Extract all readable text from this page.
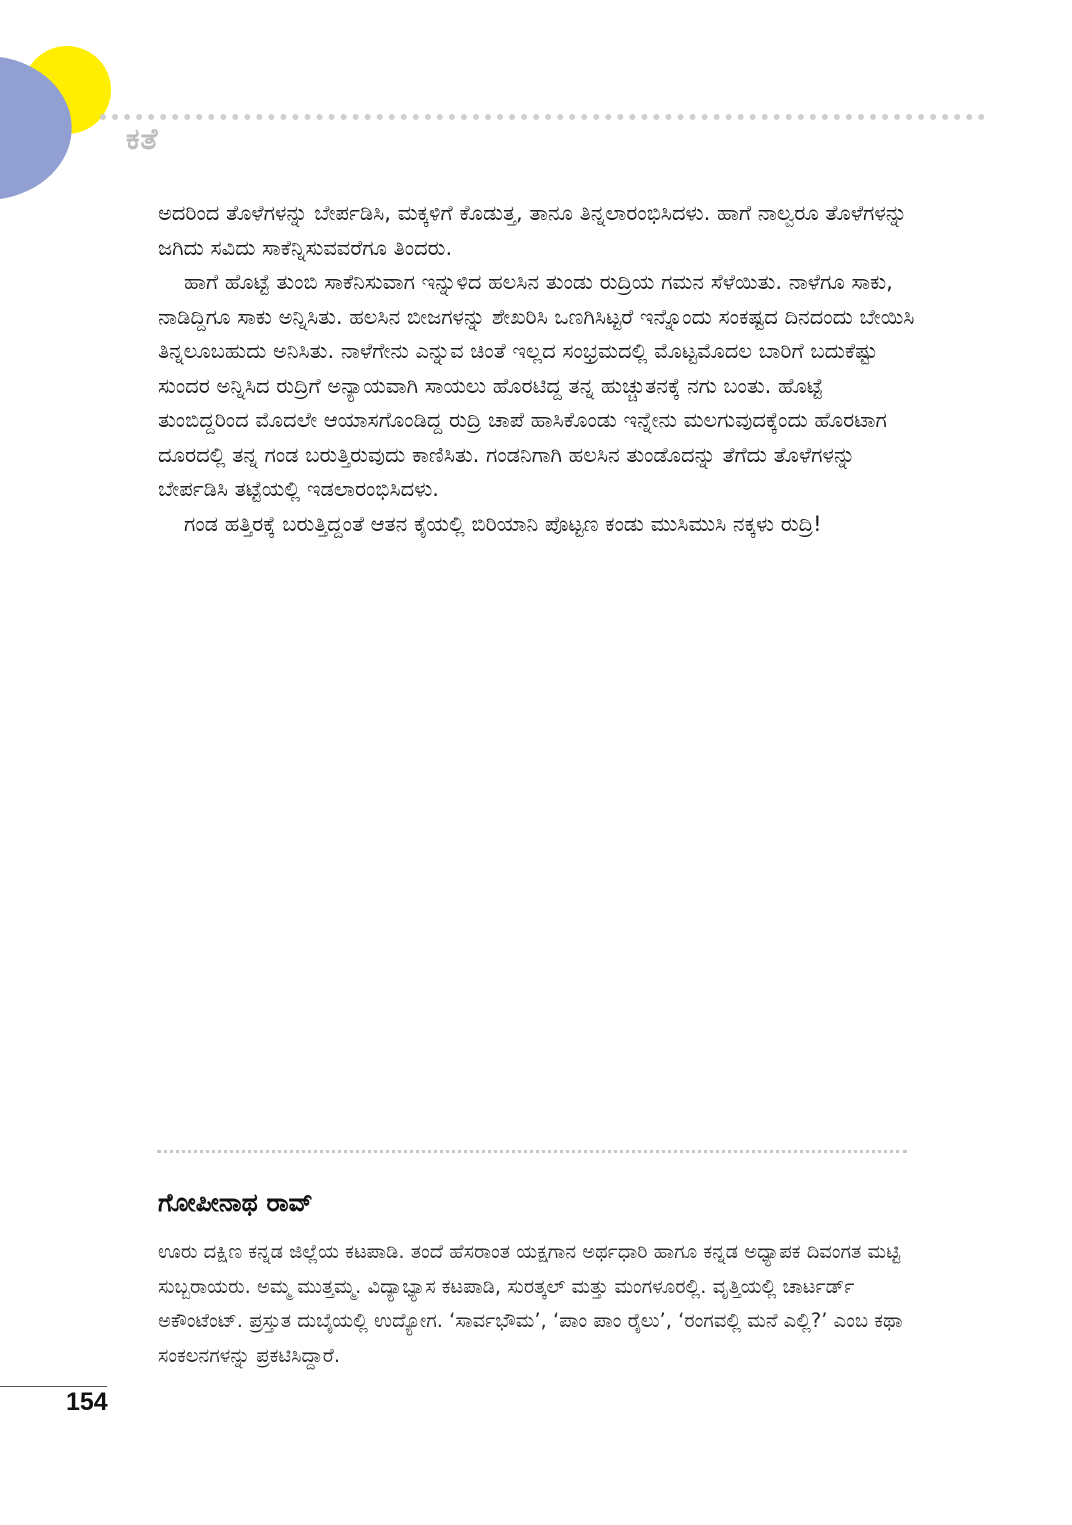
ಕತೆ

ಅದರಿಂದ ತೊಳೆಗಳನ್ನು ಬೇರ್ಪಡಿಸಿ, ಮಕ್ಕಳಿಗೆ ಕೊಡುತ್ತ, ತಾನೂ ತಿನ್ನಲಾರಂಭಿಸಿದಳು. ಹಾಗೆ ನಾಲ್ವರೂ ತೊಳೆಗಳನ್ನು ಜಗಿದು ಸವಿದು ಸಾಕೆನ್ನಿಸುವವರೆಗೂ ತಿಂದರು.

ಹಾಗೆ ಹೊಟ್ಟೆ ತುಂಬಿ ಸಾಕೆನಿಸುವಾಗ ಇನ್ನುಳಿದ ಹಲಸಿನ ತುಂಡು ರುದ್ರಿಯ ಗಮನ ಸೆಳೆಯಿತು. ನಾಳೆಗೂ ಸಾಕು, ನಾಡಿದ್ದಿಗೂ ಸಾಕು ಅನ್ನಿಸಿತು. ಹಲಸಿನ ಬೀಜಗಳನ್ನು ಶೇಖರಿಸಿ ಒಣಗಿಸಿಟ್ಟರೆ ಇನ್ನೊಂದು ಸಂಕಷ್ಟದ ದಿನದಂದು ಬೇಯಿಸಿ ತಿನ್ನಲೂಬಹುದು ಅನಿಸಿತು. ನಾಳೆಗೇನು ಎನ್ನುವ ಚಿಂತೆ ಇಲ್ಲದ ಸಂಭ್ರಮದಲ್ಲಿ ಮೊಟ್ಟಮೊದಲ ಬಾರಿಗೆ ಬದುಕೆಷ್ಟು ಸುಂದರ ಅನ್ನಿಸಿದ ರುದ್ರಿಗೆ ಅನ್ಯಾಯವಾಗಿ ಸಾಯಲು ಹೊರಟಿದ್ದ ತನ್ನ ಹುಚ್ಚುತನಕ್ಕೆ ನಗು ಬಂತು. ಹೊಟ್ಟೆ ತುಂಬಿದ್ದರಿಂದ ಮೊದಲೇ ಆಯಾಸಗೊಂಡಿದ್ದ ರುದ್ರಿ ಚಾಪೆ ಹಾಸಿಕೊಂಡು ಇನ್ನೇನು ಮಲಗುವುದಕ್ಕೆಂದು ಹೊರಟಾಗ ದೂರದಲ್ಲಿ ತನ್ನ ಗಂಡ ಬರುತ್ತಿರುವುದು ಕಾಣಿಸಿತು. ಗಂಡನಿಗಾಗಿ ಹಲಸಿನ ತುಂಡೊದನ್ನು ತೆಗೆದು ತೊಳೆಗಳನ್ನು ಬೇರ್ಪಡಿಸಿ ತಟ್ಟೆಯಲ್ಲಿ ಇಡಲಾರಂಭಿಸಿದಳು.

ಗಂಡ ಹತ್ತಿರಕ್ಕೆ ಬರುತ್ತಿದ್ದಂತೆ ಆತನ ಕೈಯಲ್ಲಿ ಬಿರಿಯಾನಿ ಪೊಟ್ಟಣ ಕಂಡು ಮುಸಿಮುಸಿ ನಕ್ಕಳು ರುದ್ರಿ!

ಗೋಪೀನಾಥ ರಾವ್

ಊರು ದಕ್ಷಿಣ ಕನ್ನಡ ಜಿಲ್ಲೆಯ ಕಟಪಾಡಿ. ತಂದೆ ಹೆಸರಾಂತ ಯಕ್ಷಗಾನ ಅರ್ಥಧಾರಿ ಹಾಗೂ ಕನ್ನಡ ಅಧ್ಯಾಪಕ ದಿವಂಗತ ಮಟ್ಟಿ ಸುಬ್ಬರಾಯರು. ಅಮ್ಮ ಮುತ್ತಮ್ಮ. ವಿದ್ಯಾಭ್ಯಾಸ ಕಟಪಾಡಿ, ಸುರತ್ಕಲ್ ಮತ್ತು ಮಂಗಳೂರಲ್ಲಿ. ವೃತ್ತಿಯಲ್ಲಿ ಚಾರ್ಟರ್ಡ್ ಅಕೌಂಟೆಂಟ್. ಪ್ರಸ್ತುತ ದುಬೈಯಲ್ಲಿ ಉದ್ಯೋಗ. ‘ಸಾರ್ವಭೌಮ’, ‘ಪಾಂ ಪಾಂ ರೈಲು’, ‘ರಂಗವಲ್ಲಿ ಮನೆ ಎಲ್ಲಿ?’ ಎಂಬ ಕಥಾ ಸಂಕಲನಗಳನ್ನು ಪ್ರಕಟಿಸಿದ್ದಾರೆ.

154
